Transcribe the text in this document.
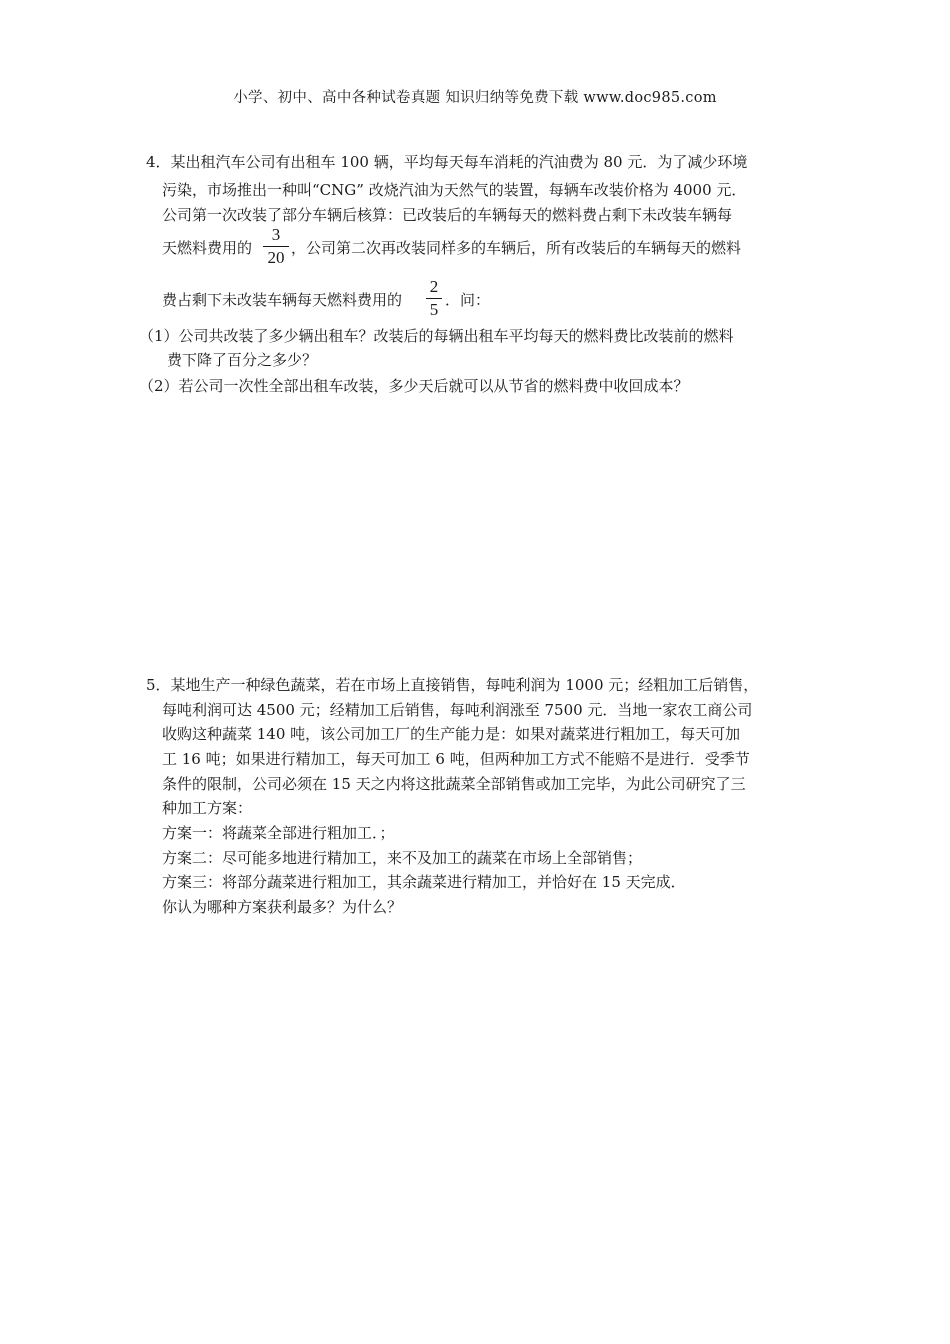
小学、初中、高中各种试卷真题 知识归纳等免费下载 www.doc985.com
4．某出租汽车公司有出租车 100 辆，平均每天每车消耗的汽油费为 80 元．为了减少环境
污染，市场推出一种叫“CNG” 改烧汽油为天然气的装置，每辆车改装价格为 4000 元．
公司第一次改装了部分车辆后核算：已改装后的车辆每天的燃料费占剩下未改装车辆每
天燃料费用的
3
20 ，公司第二次再改装同样多的车辆后，所有改装后的车辆每天的燃料
费占剩下未改装车辆每天燃料费用的
2
5 ．问：
（1）公司共改装了多少辆出租车？改装后的每辆出租车平均每天的燃料费比改装前的燃料
费下降了百分之多少？
（2）若公司一次性全部出租车改装，多少天后就可以从节省的燃料费中收回成本？
5．某地生产一种绿色蔬菜，若在市场上直接销售，每吨利润为 1000 元；经粗加工后销售，
每吨利润可达 4500 元；经精加工后销售，每吨利润涨至 7500 元．当地一家农工商公司
收购这种蔬菜 140 吨，该公司加工厂的生产能力是：如果对蔬菜进行粗加工，每天可加
工 16 吨；如果进行精加工，每天可加工 6 吨，但两种加工方式不能赔不是进行．受季节
条件的限制，公司必须在 15 天之内将这批蔬菜全部销售或加工完毕，为此公司研究了三
种加工方案：
方案一：将蔬菜全部进行粗加工．；
方案二：尽可能多地进行精加工，来不及加工的蔬菜在市场上全部销售；
方案三：将部分蔬菜进行粗加工，其余蔬菜进行精加工，并恰好在 15 天完成．
你认为哪种方案获利最多？为什么？
